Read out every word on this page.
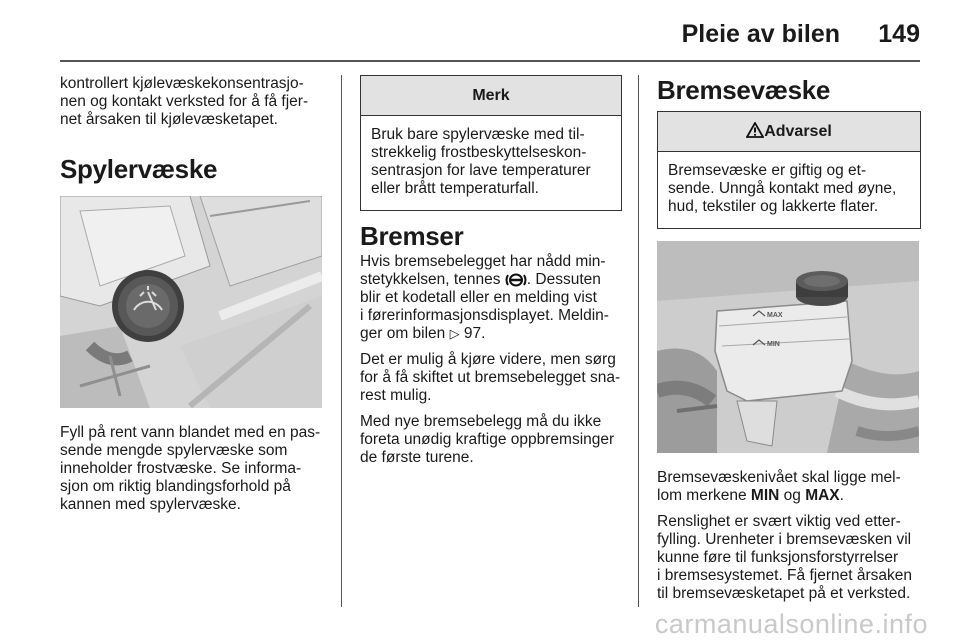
Pleie av bilen 149

kontrollert kjølevæskekonsentrasjo-
nen og kontakt verksted for å få fjer-
net årsaken til kjølevæsketapet.

Spylervæske

Fyll på rent vann blandet med en pas-
sende mengde spylervæske som
inneholder frostvæske. Se informa-
sjon om riktig blandingsforhold på
kannen med spylervæske.

Merk
Bruk bare spylervæske med til-
strekkelig frostbeskyttelseskon-
sentrasjon for lave temperaturer
eller brått temperaturfall.
Bremser

Hvis bremsebelegget har nådd min-
stetykkelsen, tennes . Dessuten
blir et kodetall eller en melding vist
i førerinformasjonsdisplayet. Meldin-
ger om bilen ▷ 97.

Det er mulig å kjøre videre, men sørg
for å få skiftet ut bremsebelegget sna-
rest mulig.

Med nye bremsebelegg må du ikke
foreta unødig kraftige oppbremsinger
de første turene.

Bremsevæske
Advarsel
Bremsevæske er giftig og et-
sende. Unngå kontakt med øyne,
hud, tekstiler og lakkerte flater.
MAX
MIN

Bremsevæskenivået skal ligge mel-
lom merkene MIN og MAX.

Renslighet er svært viktig ved etter-
fylling. Urenheter i bremsevæsken vil
kunne føre til funksjonsforstyrrelser
i bremsesystemet. Få fjernet årsaken
til bremsevæsketapet på et verksted.

carmanualsonline.info
